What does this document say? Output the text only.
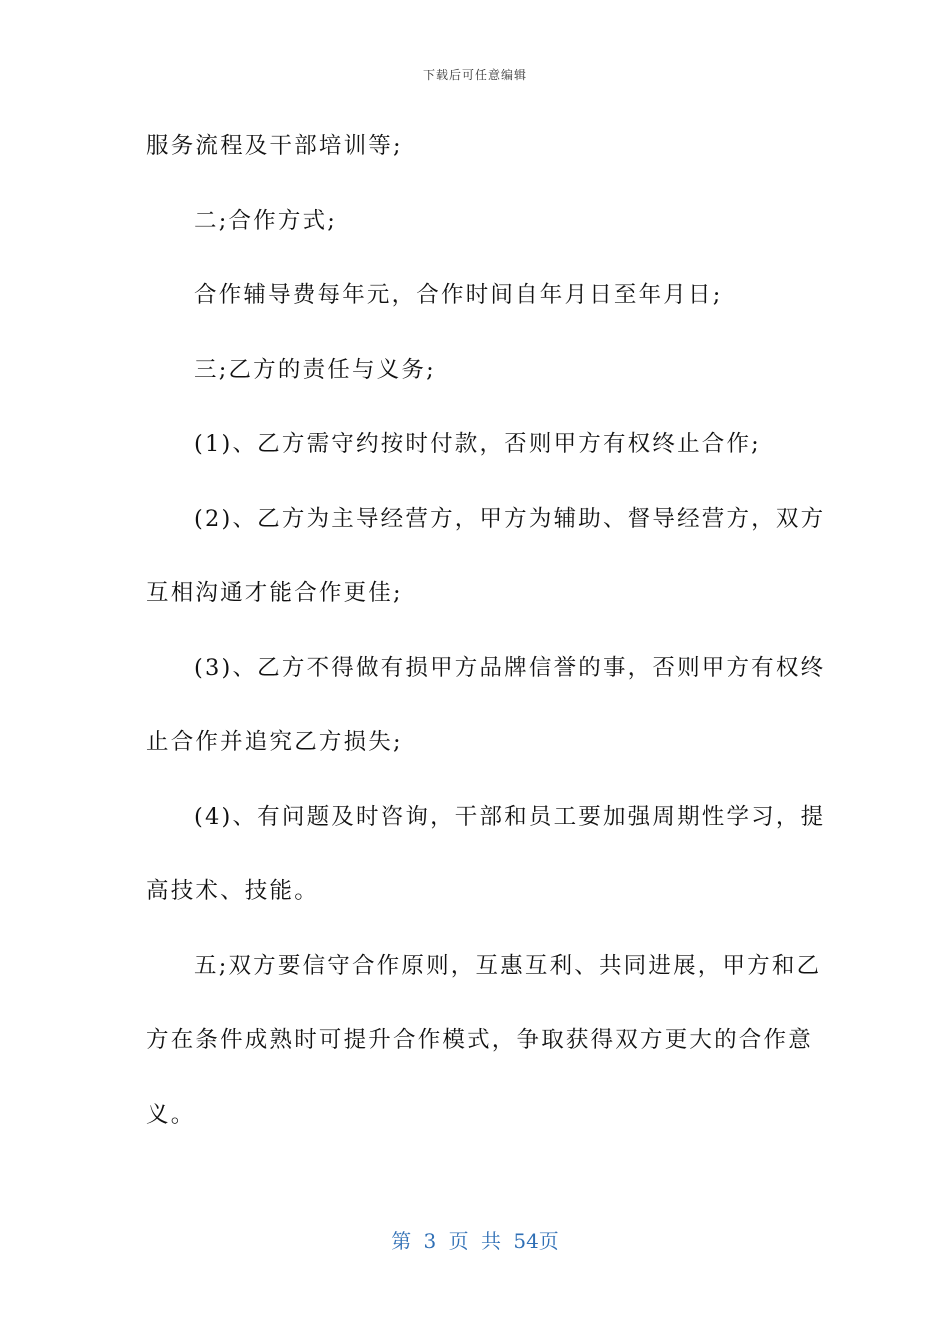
下载后可任意编辑
服务流程及干部培训等;
二;合作方式;
合作辅导费每年元，合作时间自年月日至年月日;
三;乙方的责任与义务;
(1)、乙方需守约按时付款，否则甲方有权终止合作;
(2)、乙方为主导经营方，甲方为辅助、督导经营方，双方
互相沟通才能合作更佳;
(3)、乙方不得做有损甲方品牌信誉的事，否则甲方有权终
止合作并追究乙方损失;
(4)、有问题及时咨询，干部和员工要加强周期性学习，提
高技术、技能。
五;双方要信守合作原则，互惠互利、共同进展，甲方和乙
方在条件成熟时可提升合作模式，争取获得双方更大的合作意
义。
第 3 页 共 54页
